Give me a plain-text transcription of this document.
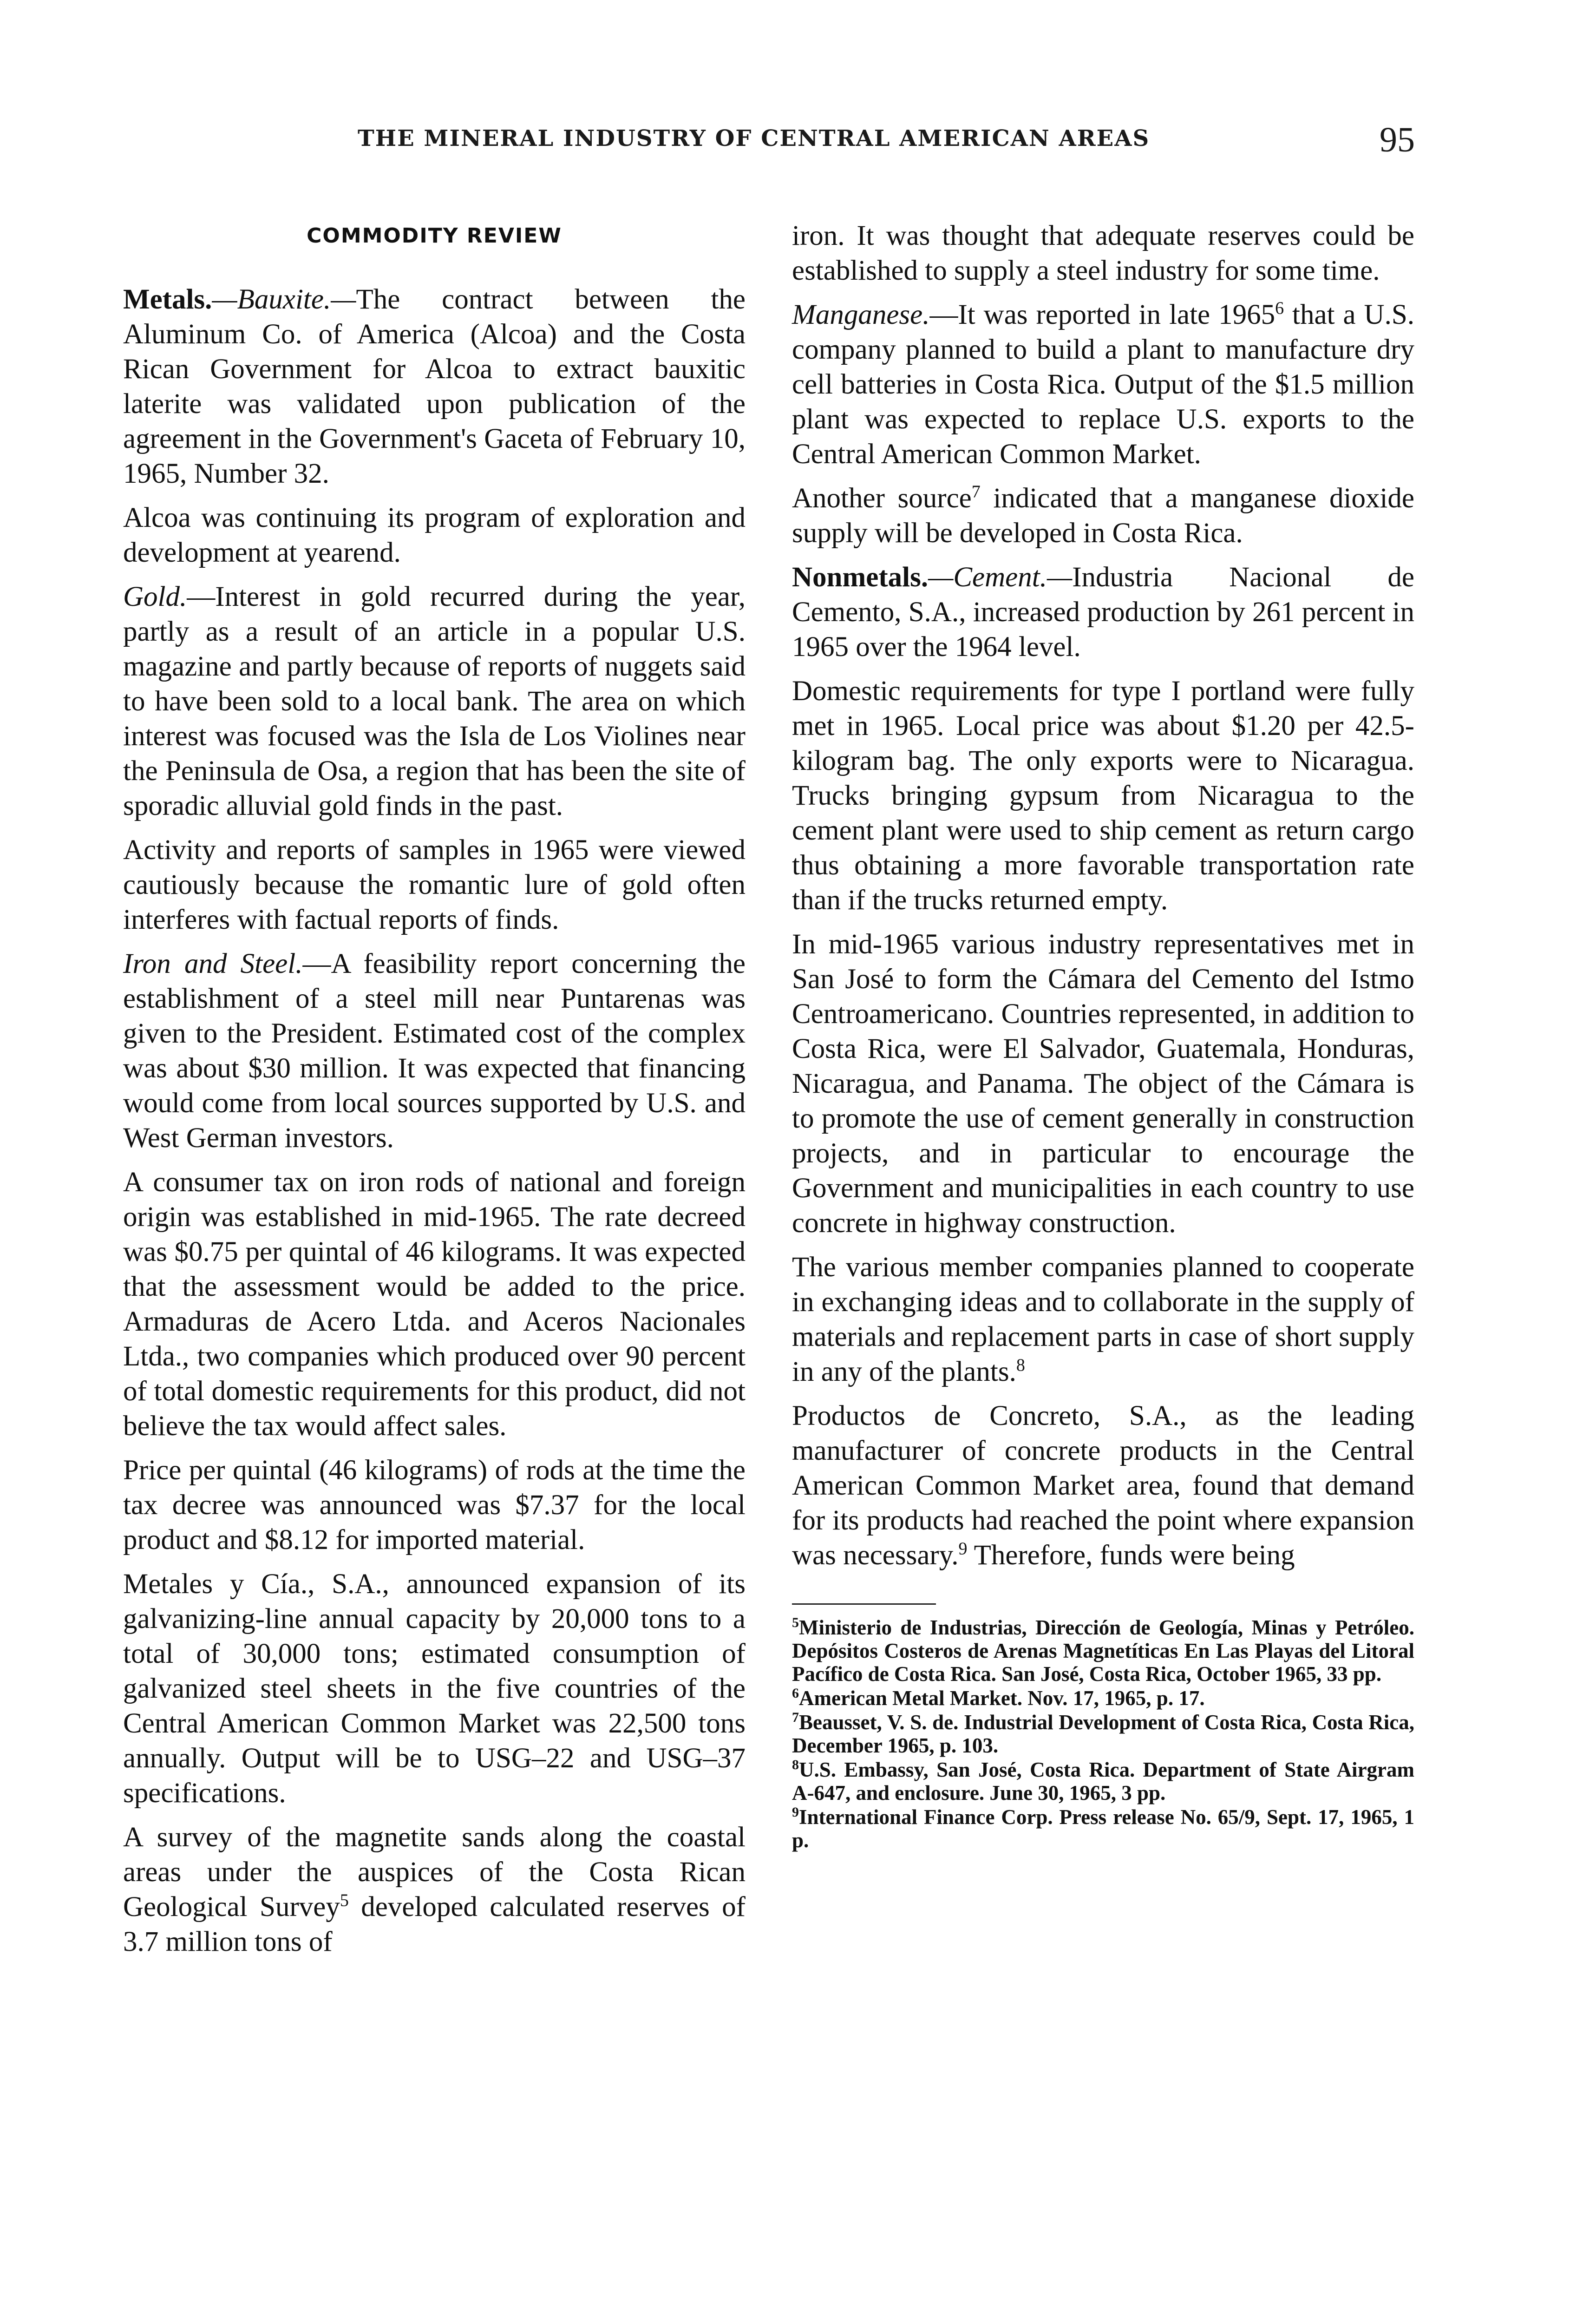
THE MINERAL INDUSTRY OF CENTRAL AMERICAN AREAS	95
COMMODITY REVIEW

Metals.—Bauxite.—The contract between the Aluminum Co. of America (Alcoa) and the Costa Rican Government for Alcoa to extract bauxitic laterite was validated upon publication of the agreement in the Government's Gaceta of February 10, 1965, Number 32.

Alcoa was continuing its program of exploration and development at yearend.

Gold.—Interest in gold recurred during the year, partly as a result of an article in a popular U.S. magazine and partly because of reports of nuggets said to have been sold to a local bank. The area on which interest was focused was the Isla de Los Violines near the Peninsula de Osa, a region that has been the site of sporadic alluvial gold finds in the past.

Activity and reports of samples in 1965 were viewed cautiously because the romantic lure of gold often interferes with factual reports of finds.

Iron and Steel.—A feasibility report concerning the establishment of a steel mill near Puntarenas was given to the President. Estimated cost of the complex was about $30 million. It was expected that financing would come from local sources supported by U.S. and West German investors.

A consumer tax on iron rods of national and foreign origin was established in mid-1965. The rate decreed was $0.75 per quintal of 46 kilograms. It was expected that the assessment would be added to the price. Armaduras de Acero Ltda. and Aceros Nacionales Ltda., two companies which produced over 90 percent of total domestic requirements for this product, did not believe the tax would affect sales.

Price per quintal (46 kilograms) of rods at the time the tax decree was announced was $7.37 for the local product and $8.12 for imported material.

Metales y Cía., S.A., announced expansion of its galvanizing-line annual capacity by 20,000 tons to a total of 30,000 tons; estimated consumption of galvanized steel sheets in the five countries of the Central American Common Market was 22,500 tons annually. Output will be to USG–22 and USG–37 specifications.

A survey of the magnetite sands along the coastal areas under the auspices of the Costa Rican Geological Survey$^5$ developed calculated reserves of 3.7 million tons of

iron. It was thought that adequate reserves could be established to supply a steel industry for some time.

Manganese.—It was reported in late 1965$^6$ that a U.S. company planned to build a plant to manufacture dry cell batteries in Costa Rica. Output of the $1.5 million plant was expected to replace U.S. exports to the Central American Common Market.

Another source$^7$ indicated that a manganese dioxide supply will be developed in Costa Rica.

Nonmetals.—Cement.—Industria Nacional de Cemento, S.A., increased production by 261 percent in 1965 over the 1964 level.

Domestic requirements for type I portland were fully met in 1965. Local price was about $1.20 per 42.5-kilogram bag. The only exports were to Nicaragua. Trucks bringing gypsum from Nicaragua to the cement plant were used to ship cement as return cargo thus obtaining a more favorable transportation rate than if the trucks returned empty.

In mid-1965 various industry representatives met in San José to form the Cámara del Cemento del Istmo Centroamericano. Countries represented, in addition to Costa Rica, were El Salvador, Guatemala, Honduras, Nicaragua, and Panama. The object of the Cámara is to promote the use of cement generally in construction projects, and in particular to encourage the Government and municipalities in each country to use concrete in highway construction.

The various member companies planned to cooperate in exchanging ideas and to collaborate in the supply of materials and replacement parts in case of short supply in any of the plants.$^8$

Productos de Concreto, S.A., as the leading manufacturer of concrete products in the Central American Common Market area, found that demand for its products had reached the point where expansion was necessary.$^9$ Therefore, funds were being

$^5$Ministerio de Industrias, Dirección de Geología, Minas y Petróleo. Depósitos Costeros de Arenas Magnetíticas En Las Playas del Litoral Pacífico de Costa Rica. San José, Costa Rica, October 1965, 33 pp.
$^6$American Metal Market. Nov. 17, 1965, p. 17.
$^7$Beausset, V. S. de. Industrial Development of Costa Rica, Costa Rica, December 1965, p. 103.
$^8$U.S. Embassy, San José, Costa Rica. Department of State Airgram A-647, and enclosure. June 30, 1965, 3 pp.
$^9$International Finance Corp. Press release No. 65/9, Sept. 17, 1965, 1 p.
